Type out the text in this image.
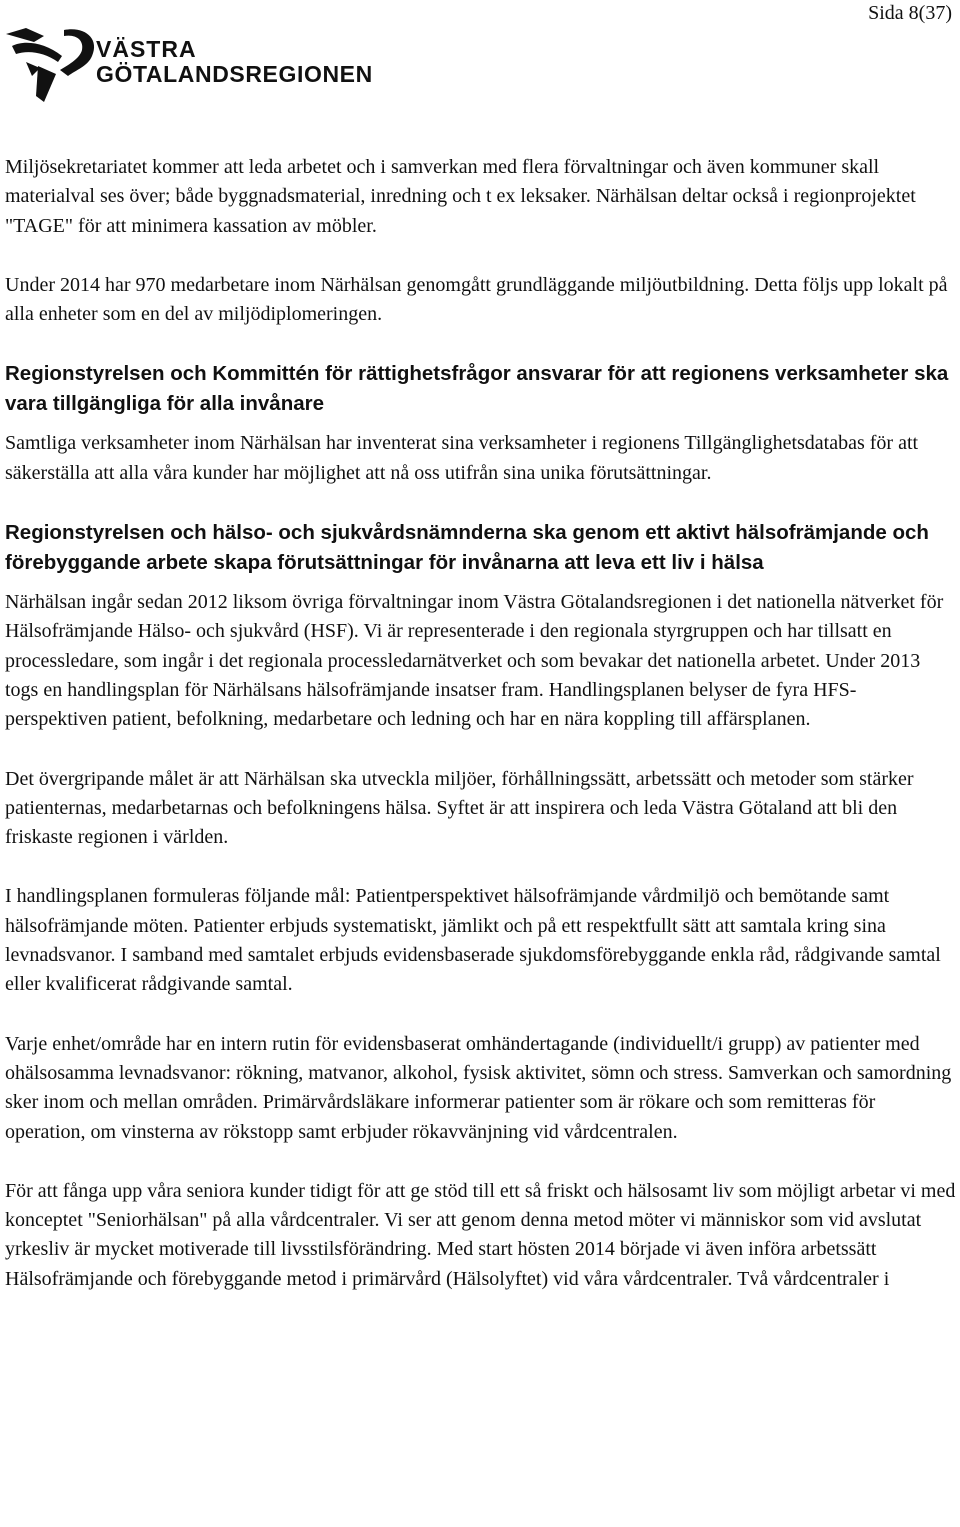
Sida 8(37)
VÄSTRA
GÖTALANDSREGIONEN

Miljösekretariatet kommer att leda arbetet och i samverkan med flera förvaltningar och även kommuner skall materialval ses över; både byggnadsmaterial, inredning och t ex leksaker. Närhälsan deltar också i regionprojektet "TAGE" för att minimera kassation av möbler.

Under 2014 har 970 medarbetare inom Närhälsan genomgått grundläggande miljöutbildning. Detta följs upp lokalt på alla enheter som en del av miljödiplomeringen.

Regionstyrelsen och Kommittén för rättighetsfrågor ansvarar för att regionens verksamheter ska vara tillgängliga för alla invånare

Samtliga verksamheter inom Närhälsan har inventerat sina verksamheter i regionens Tillgänglighetsdatabas för att säkerställa att alla våra kunder har möjlighet att nå oss utifrån sina unika förutsättningar.

Regionstyrelsen och hälso- och sjukvårdsnämnderna ska genom ett aktivt hälsofrämjande och förebyggande arbete skapa förutsättningar för invånarna att leva ett liv i hälsa

Närhälsan ingår sedan 2012 liksom övriga förvaltningar inom Västra Götalandsregionen i det nationella nätverket för Hälsofrämjande Hälso- och sjukvård (HSF). Vi är representerade i den regionala styrgruppen och har tillsatt en processledare, som ingår i det regionala processledarnätverket och som bevakar det nationella arbetet. Under 2013 togs en handlingsplan för Närhälsans hälsofrämjande insatser fram. Handlingsplanen belyser de fyra HFS- perspektiven patient, befolkning, medarbetare och ledning och har en nära koppling till affärsplanen.

Det övergripande målet är att Närhälsan ska utveckla miljöer, förhållningssätt, arbetssätt och metoder som stärker patienternas, medarbetarnas och befolkningens hälsa. Syftet är att inspirera och leda Västra Götaland att bli den friskaste regionen i världen.

I handlingsplanen formuleras följande mål: Patientperspektivet hälsofrämjande vårdmiljö och bemötande samt hälsofrämjande möten. Patienter erbjuds systematiskt, jämlikt och på ett respektfullt sätt att samtala kring sina levnadsvanor. I samband med samtalet erbjuds evidensbaserade sjukdomsförebyggande enkla råd, rådgivande samtal eller kvalificerat rådgivande samtal.

Varje enhet/område har en intern rutin för evidensbaserat omhändertagande (individuellt/i grupp) av patienter med ohälsosamma levnadsvanor: rökning, matvanor, alkohol, fysisk aktivitet, sömn och stress. Samverkan och samordning sker inom och mellan områden. Primärvårdsläkare informerar patienter som är rökare och som remitteras för operation, om vinsterna av rökstopp samt erbjuder rökavvänjning vid vårdcentralen.

För att fånga upp våra seniora kunder tidigt för att ge stöd till ett så friskt och hälsosamt liv som möjligt arbetar vi med konceptet "Seniorhälsan" på alla vårdcentraler. Vi ser att genom denna metod möter vi människor som vid avslutat yrkesliv är mycket motiverade till livsstilsförändring. Med start hösten 2014 började vi även införa arbetssätt Hälsofrämjande och förebyggande metod i primärvård (Hälsolyftet) vid våra vårdcentraler. Två vårdcentraler i
